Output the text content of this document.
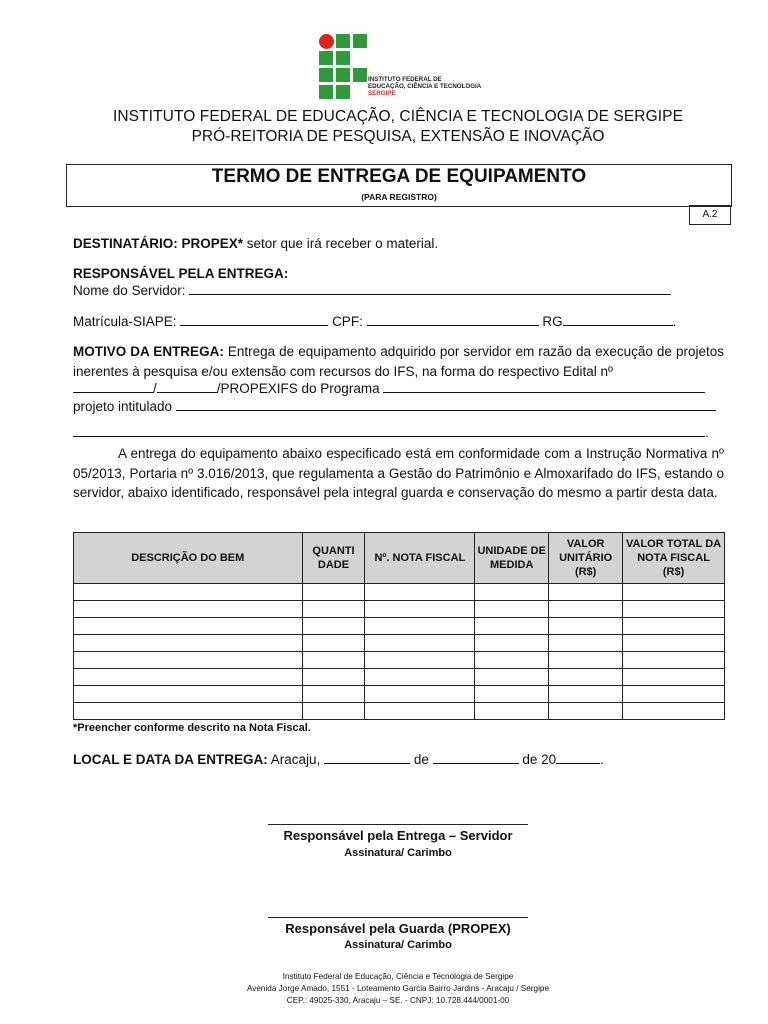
INSTITUTO FEDERAL DE
EDUCAÇÃO, CIÊNCIA E TECNOLOGIA
SERGIPE
INSTITUTO FEDERAL DE EDUCAÇÃO, CIÊNCIA E TECNOLOGIA DE SERGIPE
PRÓ-REITORIA DE PESQUISA, EXTENSÃO E INOVAÇÃO
TERMO DE ENTREGA DE EQUIPAMENTO
(PARA REGISTRO)
A.2
DESTINATÁRIO: PROPEX* setor que irá receber o material.
RESPONSÁVEL PELA ENTREGA:
Nome do Servidor:
Matrícula-SIAPE:	CPF:	RG	.
MOTIVO DA ENTREGA: Entrega de equipamento adquirido por servidor em razão da execução de projetos inerentes à pesquisa e/ou extensão com recursos do IFS, na forma do respectivo Edital nº
/	/PROPEXIFS do Programa
projeto intitulado
.
A entrega do equipamento abaixo especificado está em conformidade com a Instrução Normativa nº 05/2013, Portaria nº 3.016/2013, que regulamenta a Gestão do Patrimônio e Almoxarifado do IFS, estando o servidor, abaixo identificado, responsável pela integral guarda e conservação do mesmo a partir desta data.
DESCRIÇÃO DO BEM	QUANTI DADE	Nº. NOTA FISCAL	UNIDADE DE MEDIDA	VALOR UNITÁRIO (R$)	VALOR TOTAL DA NOTA FISCAL (R$)

*Preencher conforme descrito na Nota Fiscal.
LOCAL E DATA DA ENTREGA: Aracaju,	de	de 20	.
Responsável pela Entrega – Servidor
Assinatura/ Carimbo
Responsável pela Guarda (PROPEX)
Assinatura/ Carimbo
Instituto Federal de Educação, Ciência e Tecnologia de Sergipe
Avenida Jorge Amado, 1551 - Loteamento Garcia Bairro Jardins - Aracaju / Sergipe
CEP.: 49025-330, Aracaju – SE. - CNPJ: 10.728.444/0001-00
